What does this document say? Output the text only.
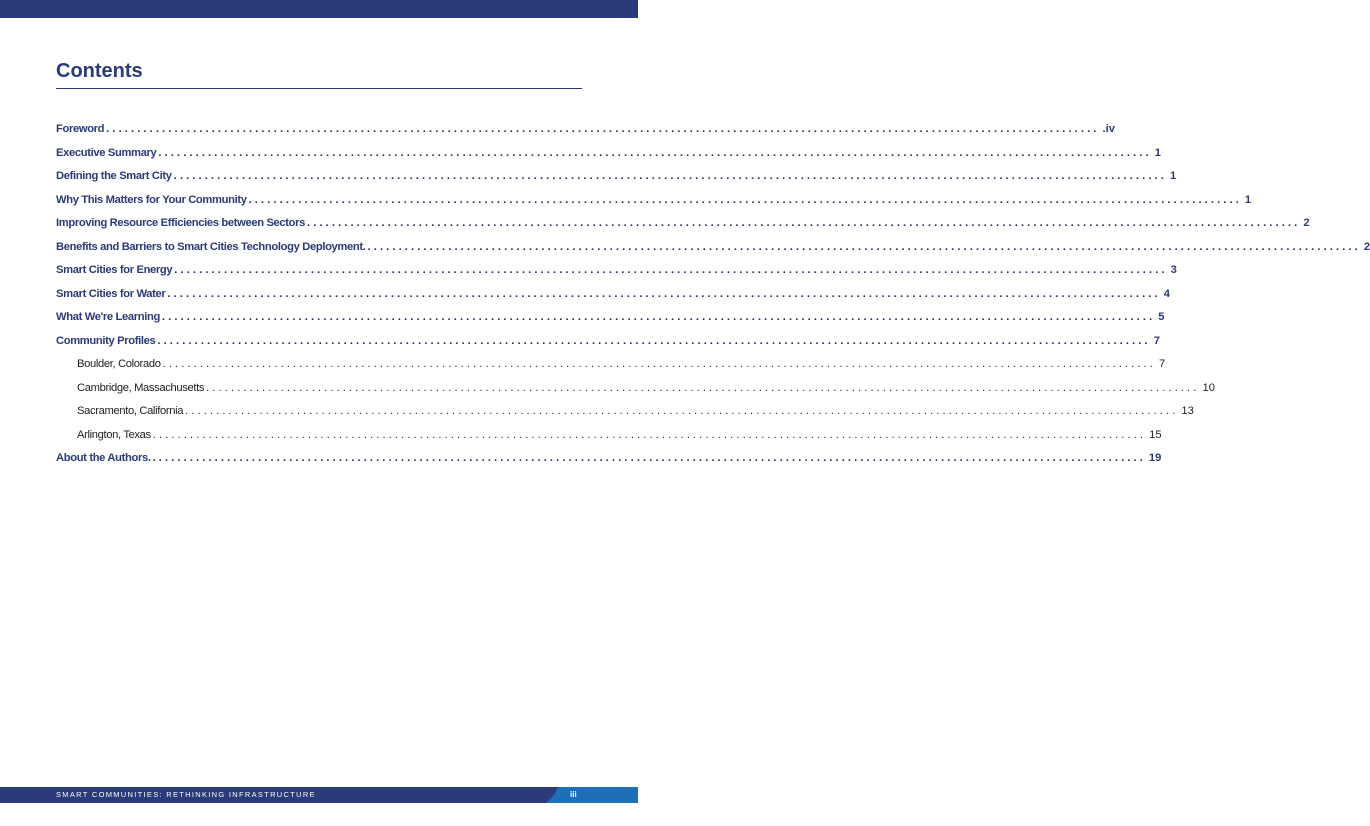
Contents
Foreword ................................................................................................................................................................ .iv
Executive Summary ................................................................................................................................................................ 1
Defining the Smart City ................................................................................................................................................................ 1
Why This Matters for Your Community ................................................................................................................................................................ 1
Improving Resource Efficiencies between Sectors ................................................................................................................................................................ 2
Benefits and Barriers to Smart Cities Technology Deployment. ................................................................................................................................................................ 2
Smart Cities for Energy ................................................................................................................................................................ 3
Smart Cities for Water ................................................................................................................................................................ 4
What We're Learning ................................................................................................................................................................ 5
Community Profiles ................................................................................................................................................................ 7
Boulder, Colorado ................................................................................................................................................................ 7
Cambridge, Massachusetts ................................................................................................................................................................ 10
Sacramento, California ................................................................................................................................................................ 13
Arlington, Texas ................................................................................................................................................................ 15
About the Authors. ................................................................................................................................................................ 19
SMART COMMUNITIES: RETHINKING INFRASTRUCTURE	iii
